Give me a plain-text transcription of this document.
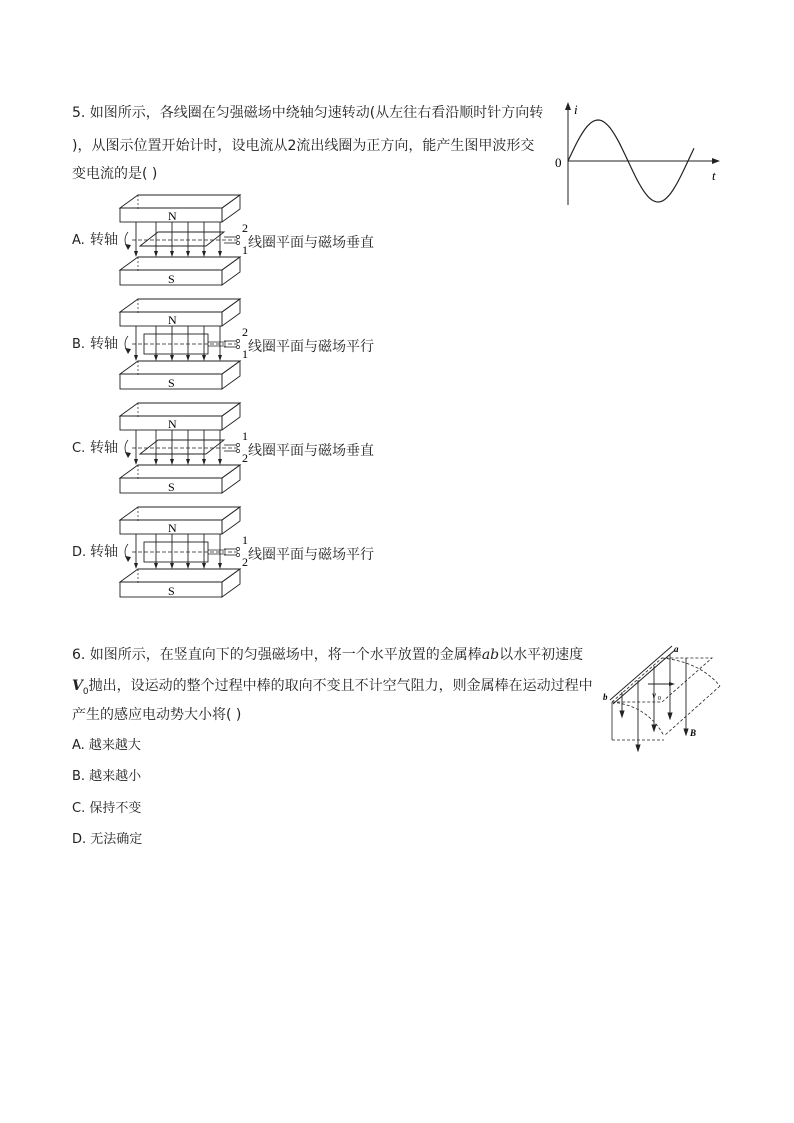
5. 如图所示，各线圈在匀强磁场中绕轴匀速转动(从左往右看沿顺时针方向转
)，从图示位置开始计时，设电流从2流出线圈为正方向，能产生图甲波形交
变电流的是( )
i
t
0
A. 转轴	线圈平面与磁场垂直
N
S
2
1
B. 转轴	线圈平面与磁场平行
N
S
2
1
C. 转轴	线圈平面与磁场垂直
N
S
1
2
D. 转轴	线圈平面与磁场平行
N
S
1
2
6. 如图所示，在竖直向下的匀强磁场中，将一个水平放置的金属棒ab以水平初速度
$V_0$抛出，设运动的整个过程中棒的取向不变且不计空气阻力，则金属棒在运动过程中
产生的感应电动势大小将( )
A. 越来越大
B. 越来越小
C. 保持不变
D. 无法确定
v 0
a
b
B
